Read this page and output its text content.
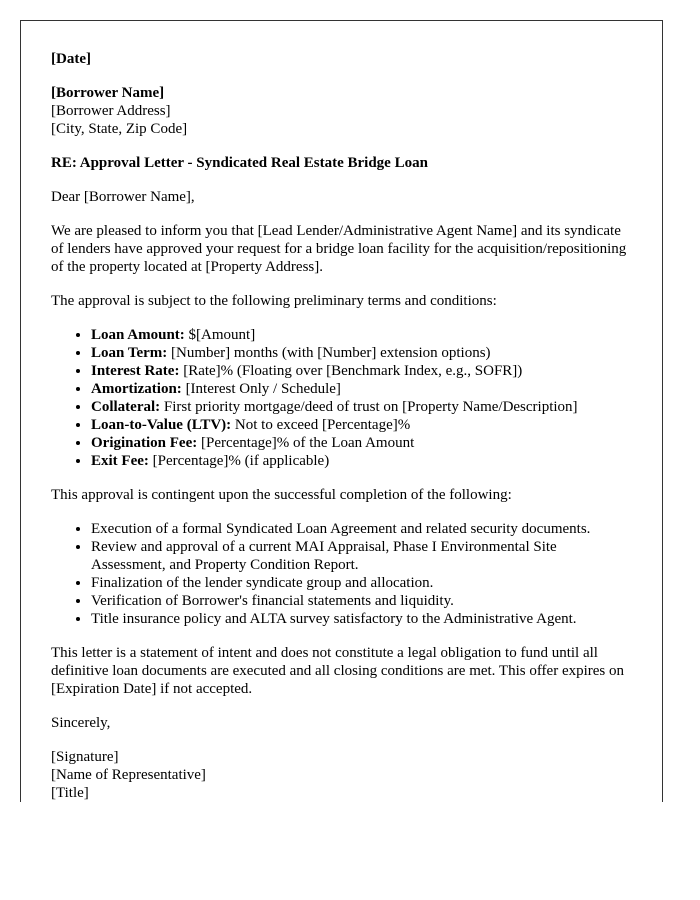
[Date]

[Borrower Name]
[Borrower Address]
[City, State, Zip Code]

RE: Approval Letter - Syndicated Real Estate Bridge Loan

Dear [Borrower Name],

We are pleased to inform you that [Lead Lender/Administrative Agent Name] and its syndicate of lenders have approved your request for a bridge loan facility for the acquisition/repositioning of the property located at [Property Address].

The approval is subject to the following preliminary terms and conditions:

• Loan Amount: $[Amount]
• Loan Term: [Number] months (with [Number] extension options)
• Interest Rate: [Rate]% (Floating over [Benchmark Index, e.g., SOFR])
• Amortization: [Interest Only / Schedule]
• Collateral: First priority mortgage/deed of trust on [Property Name/Description]
• Loan-to-Value (LTV): Not to exceed [Percentage]%
• Origination Fee: [Percentage]% of the Loan Amount
• Exit Fee: [Percentage]% (if applicable)

This approval is contingent upon the successful completion of the following:

• Execution of a formal Syndicated Loan Agreement and related security documents.
• Review and approval of a current MAI Appraisal, Phase I Environmental Site Assessment, and Property Condition Report.
• Finalization of the lender syndicate group and allocation.
• Verification of Borrower's financial statements and liquidity.
• Title insurance policy and ALTA survey satisfactory to the Administrative Agent.

This letter is a statement of intent and does not constitute a legal obligation to fund until all definitive loan documents are executed and all closing conditions are met. This offer expires on [Expiration Date] if not accepted.

Sincerely,

[Signature]
[Name of Representative]
[Title]
